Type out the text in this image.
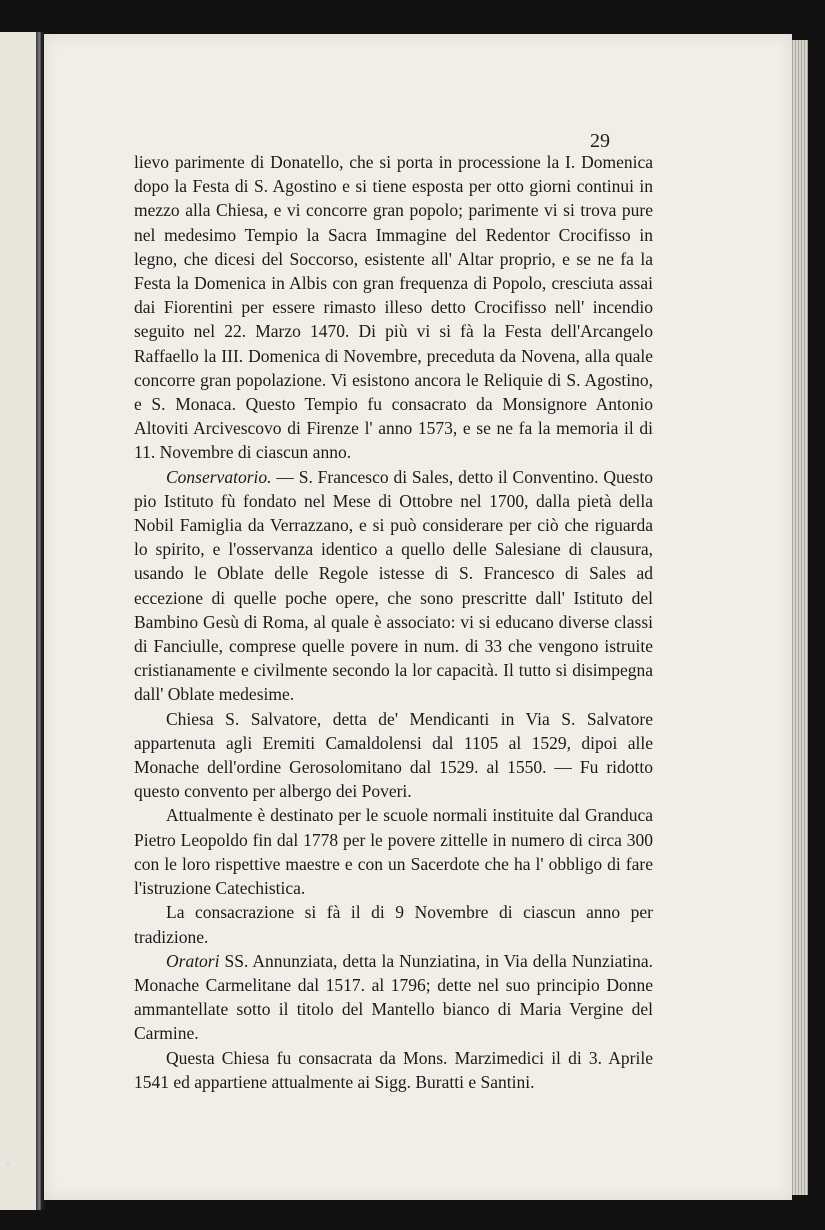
29

lievo parimente di Donatello, che si porta in processione la I. Domenica dopo la Festa di S. Agostino e si tiene esposta per otto giorni continui in mezzo alla Chiesa, e vi concorre gran popolo; parimente vi si trova pure nel medesimo Tempio la Sacra Immagine del Redentor Crocifisso in legno, che dicesi del Soccorso, esistente all' Altar proprio, e se ne fa la Festa la Domenica in Albis con gran frequenza di Popolo, cresciuta assai dai Fiorentini per essere rimasto illeso detto Crocifisso nell' incendio seguito nel 22. Marzo 1470. Di più vi si fà la Festa dell'Arcangelo Raffaello la III. Domenica di Novembre, preceduta da Novena, alla quale concorre gran popolazione. Vi esistono ancora le Reliquie di S. Agostino, e S. Monaca. Questo Tempio fu consacrato da Monsignore Antonio Altoviti Arcivescovo di Firenze l' anno 1573, e se ne fa la memoria il di 11. Novembre di ciascun anno.

Conservatorio. — S. Francesco di Sales, detto il Conventino. Questo pio Istituto fù fondato nel Mese di Ottobre nel 1700, dalla pietà della Nobil Famiglia da Verrazzano, e si può considerare per ciò che riguarda lo spirito, e l'osservanza identico a quello delle Salesiane di clausura, usando le Oblate delle Regole istesse di S. Francesco di Sales ad eccezione di quelle poche opere, che sono prescritte dall' Istituto del Bambino Gesù di Roma, al quale è associato: vi si educano diverse classi di Fanciulle, comprese quelle povere in num. di 33 che vengono istruite cristianamente e civilmente secondo la lor capacità. Il tutto si disimpegna dall' Oblate medesime.

Chiesa S. Salvatore, detta de' Mendicanti in Via S. Salvatore appartenuta agli Eremiti Camaldolensi dal 1105 al 1529, dipoi alle Monache dell'ordine Gerosolomitano dal 1529. al 1550. — Fu ridotto questo convento per albergo dei Poveri.

Attualmente è destinato per le scuole normali instituite dal Granduca Pietro Leopoldo fin dal 1778 per le povere zittelle in numero di circa 300 con le loro rispettive maestre e con un Sacerdote che ha l' obbligo di fare l'istruzione Catechistica.

La consacrazione si fà il di 9 Novembre di ciascun anno per tradizione.

Oratori SS. Annunziata, detta la Nunziatina, in Via della Nunziatina. Monache Carmelitane dal 1517. al 1796; dette nel suo principio Donne ammantellate sotto il titolo del Mantello bianco di Maria Vergine del Carmine.

Questa Chiesa fu consacrata da Mons. Marzimedici il di 3. Aprile 1541 ed appartiene attualmente ai Sigg. Buratti e Santini.
